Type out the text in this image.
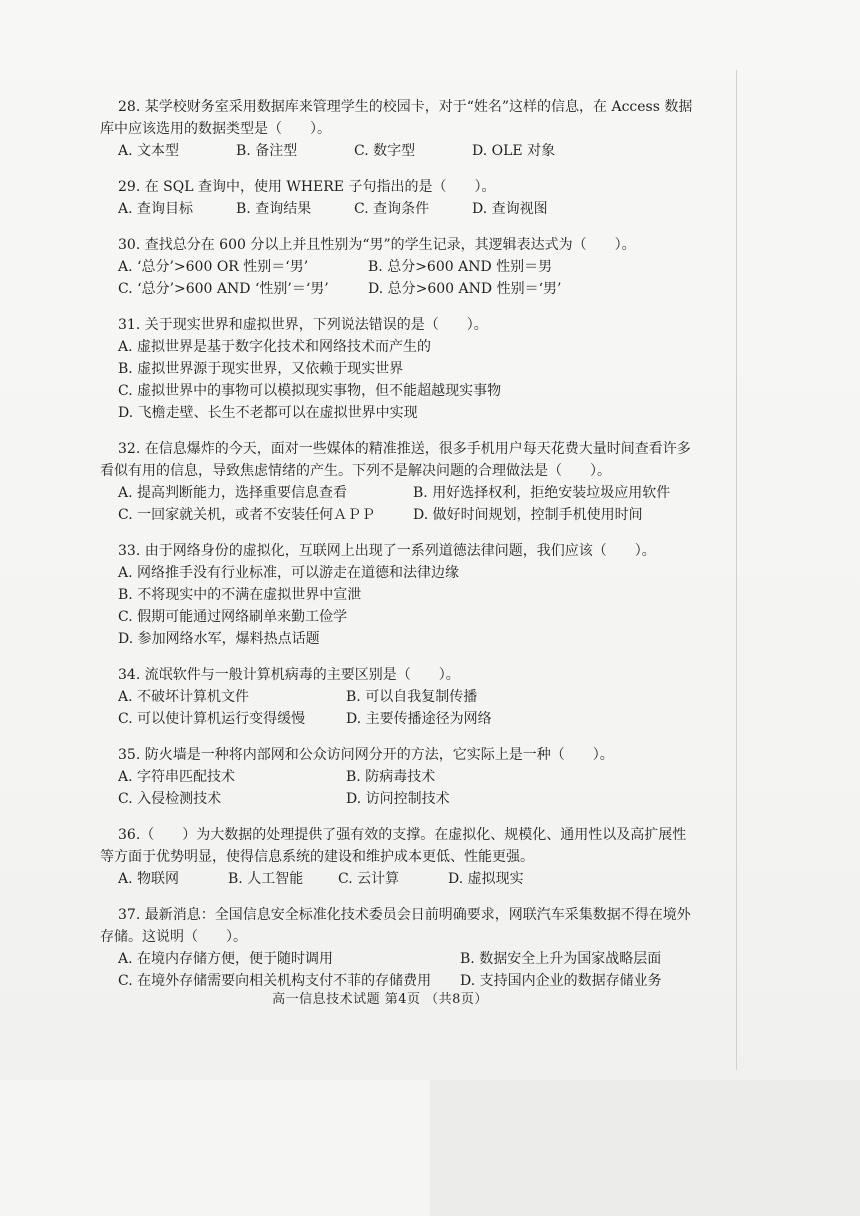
28. 某学校财务室采用数据库来管理学生的校园卡，对于“姓名”这样的信息，在 Access 数据库中应该选用的数据类型是（　　）。
A. 文本型	B. 备注型	C. 数字型	D. OLE 对象
29. 在 SQL 查询中，使用 WHERE 子句指出的是（　　）。
A. 查询目标	B. 查询结果	C. 查询条件	D. 查询视图
30. 查找总分在 600 分以上并且性别为“男”的学生记录，其逻辑表达式为（　　）。
A. ‘总分’>600 OR 性别＝‘男’	B. 总分>600 AND 性别＝男
C. ‘总分’>600 AND ‘性别’＝‘男’	D. 总分>600 AND 性别＝‘男’
31. 关于现实世界和虚拟世界，下列说法错误的是（　　）。
A. 虚拟世界是基于数字化技术和网络技术而产生的
B. 虚拟世界源于现实世界，又依赖于现实世界
C. 虚拟世界中的事物可以模拟现实事物，但不能超越现实事物
D. 飞檐走壁、长生不老都可以在虚拟世界中实现
32. 在信息爆炸的今天，面对一些媒体的精准推送，很多手机用户每天花费大量时间查看许多看似有用的信息，导致焦虑情绪的产生。下列不是解决问题的合理做法是（　　）。
A. 提高判断能力，选择重要信息查看	B. 用好选择权利，拒绝安装垃圾应用软件
C. 一回家就关机，或者不安装任何ＡＰＰ	D. 做好时间规划，控制手机使用时间
33. 由于网络身份的虚拟化，互联网上出现了一系列道德法律问题，我们应该（　　）。
A. 网络推手没有行业标准，可以游走在道德和法律边缘
B. 不将现实中的不满在虚拟世界中宣泄
C. 假期可能通过网络刷单来勤工俭学
D. 参加网络水军，爆料热点话题
34. 流氓软件与一般计算机病毒的主要区别是（　　）。
A. 不破坏计算机文件	B. 可以自我复制传播
C. 可以使计算机运行变得缓慢	D. 主要传播途径为网络
35. 防火墙是一种将内部网和公众访问网分开的方法，它实际上是一种（　　）。
A. 字符串匹配技术	B. 防病毒技术
C. 入侵检测技术	D. 访问控制技术
36.（　　）为大数据的处理提供了强有效的支撑。在虚拟化、规模化、通用性以及高扩展性等方面于优势明显，使得信息系统的建设和维护成本更低、性能更强。
A. 物联网	B. 人工智能	C. 云计算	D. 虚拟现实
37. 最新消息：全国信息安全标准化技术委员会日前明确要求，网联汽车采集数据不得在境外存储。这说明（　　）。
A. 在境内存储方便，便于随时调用	B. 数据安全上升为国家战略层面
C. 在境外存储需要向相关机构支付不菲的存储费用	D. 支持国内企业的数据存储业务
高一信息技术试题 第4页 （共8页）
